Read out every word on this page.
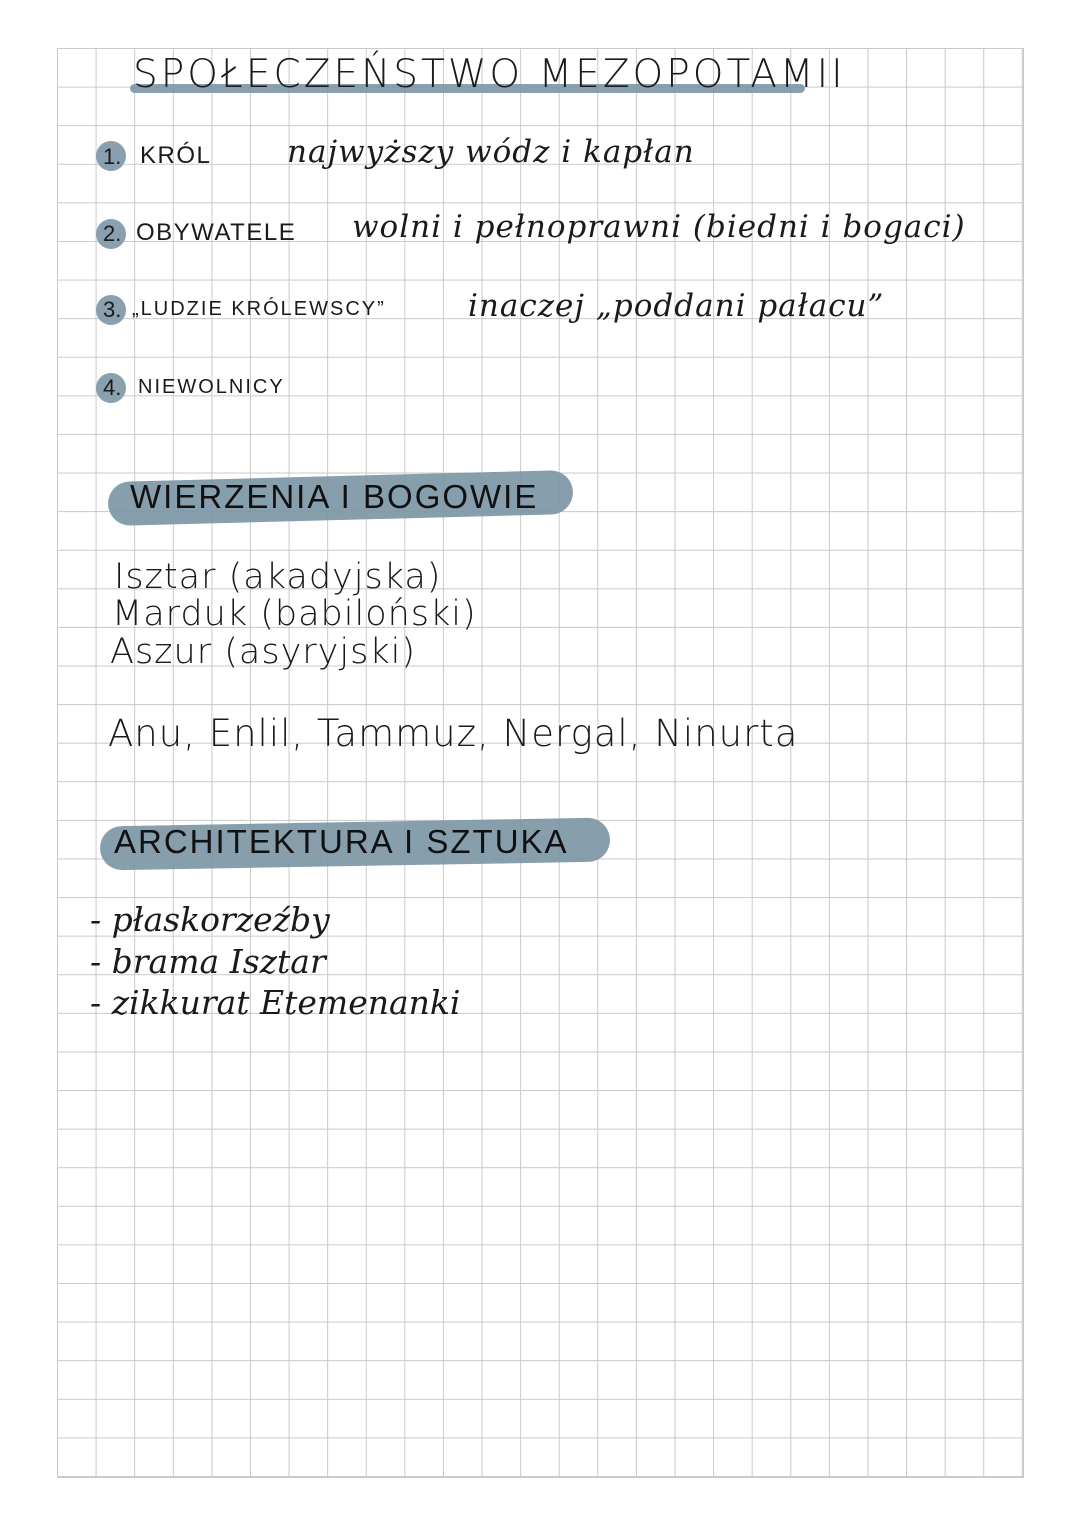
SPOŁECZEŃSTWO MEZOPOTAMII
1. KRÓL najwyższy wódz i kapłan
2. OBYWATELE wolni i pełnoprawni (biedni i bogaci)
3. „LUDZIE KRÓLEWSCY”	inaczej „poddani pałacu”
4. NIEWOLNICY
WIERZENIA I BOGOWIE
Isztar (akadyjska)
Marduk (babiloński)
Aszur (asyryjski)
Anu, Enlil, Tammuz, Nergal, Ninurta
ARCHITEKTURA I SZTUKA
- płaskorzeźby
- brama Isztar
- zikkurat Etemenanki
